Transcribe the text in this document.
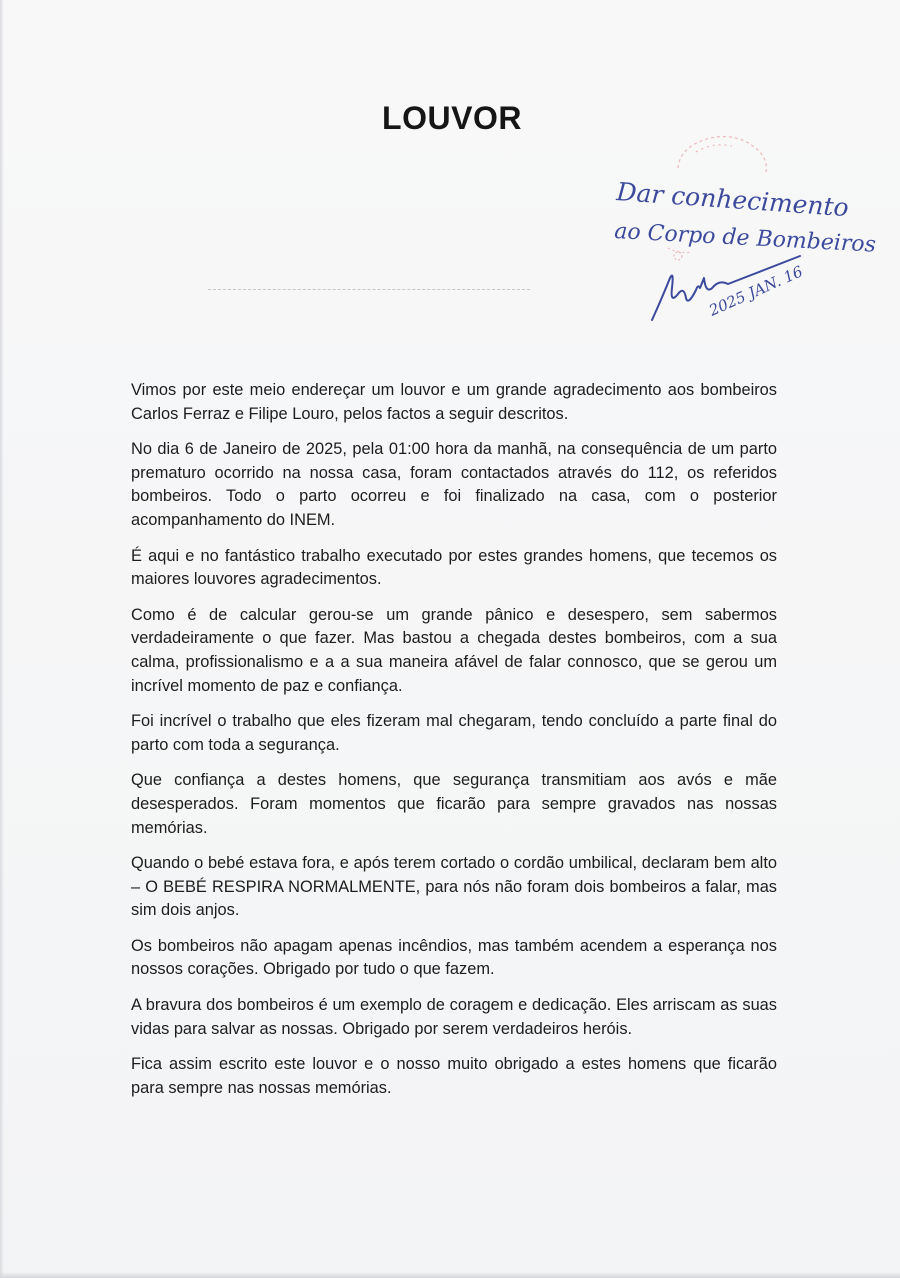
LOUVOR
Dar conhecimento
ao Corpo de Bombeiros
2025 JAN. 16

Vimos por este meio endereçar um louvor e um grande agradecimento aos bombeiros Carlos Ferraz e Filipe Louro, pelos factos a seguir descritos.

No dia 6 de Janeiro de 2025, pela 01:00 hora da manhã, na consequência de um parto prematuro ocorrido na nossa casa, foram contactados através do 112, os referidos bombeiros. Todo o parto ocorreu e foi finalizado na casa, com o posterior acompanhamento do INEM.

É aqui e no fantástico trabalho executado por estes grandes homens, que tecemos os maiores louvores agradecimentos.

Como é de calcular gerou-se um grande pânico e desespero, sem sabermos verdadeiramente o que fazer. Mas bastou a chegada destes bombeiros, com a sua calma, profissionalismo e a a sua maneira afável de falar connosco, que se gerou um incrível momento de paz e confiança.

Foi incrível o trabalho que eles fizeram mal chegaram, tendo concluído a parte final do parto com toda a segurança.

Que confiança a destes homens, que segurança transmitiam aos avós e mãe desesperados. Foram momentos que ficarão para sempre gravados nas nossas memórias.

Quando o bebé estava fora, e após terem cortado o cordão umbilical, declaram bem alto – O BEBÉ RESPIRA NORMALMENTE, para nós não foram dois bombeiros a falar, mas sim dois anjos.

Os bombeiros não apagam apenas incêndios, mas também acendem a esperança nos nossos corações. Obrigado por tudo o que fazem.

A bravura dos bombeiros é um exemplo de coragem e dedicação. Eles arriscam as suas vidas para salvar as nossas. Obrigado por serem verdadeiros heróis.

Fica assim escrito este louvor e o nosso muito obrigado a estes homens que ficarão para sempre nas nossas memórias.
